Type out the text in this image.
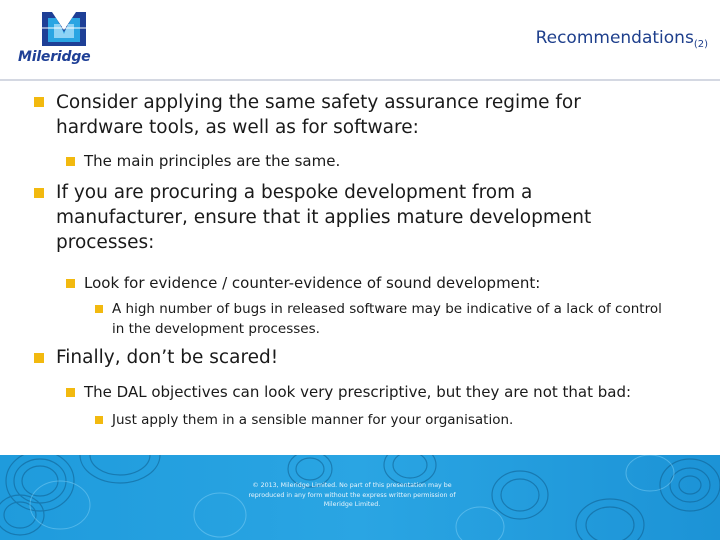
Mileridge
Recommendations$_{(2)}$
Consider applying the same safety assurance regime for hardware tools, as well as for software:
The main principles are the same.
If you are procuring a bespoke development from a manufacturer, ensure that it applies mature development processes:
Look for evidence / counter-evidence of sound development:
A high number of bugs in released software may be indicative of a lack of control in the development processes.
Finally, don’t be scared!
The DAL objectives can look very prescriptive, but they are not that bad:
Just apply them in a sensible manner for your organisation.
© 2013, Mileridge Limited. No part of this presentation may be reproduced in any form without the express written permission of Mileridge Limited.
